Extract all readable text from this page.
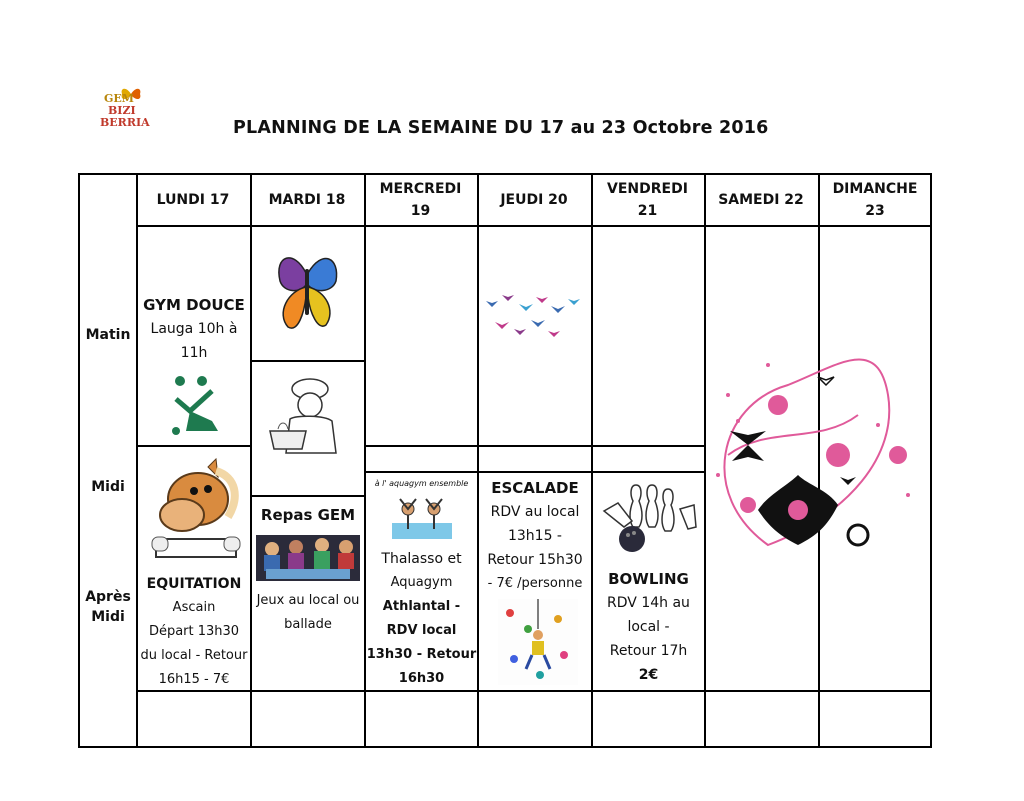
GEM
BIZI
BERRIA	PLANNING DE LA SEMAINE DU 17 au 23 Octobre 2016
LUNDI 17	MARDI 18
MERCREDI
19
JEUDI 20
VENDREDI
21
SAMEDI 22
DIMANCHE
23
Matin
Midi
Après
Midi
GYM DOUCE
Lauga 10h à
11h
EQUITATION
Ascain
Départ 13h30
du local - Retour
16h15 - 7€
Repas GEM
Jeux au local ou
ballade
à l' aquagym ensemble
Thalasso et
Aquagym
Athlantal -
RDV local
13h30 - Retour
16h30
ESCALADE
RDV au local
13h15 -
Retour 15h30
- 7€ /personne BOWLING
RDV 14h au
local -
Retour 17h
2€
